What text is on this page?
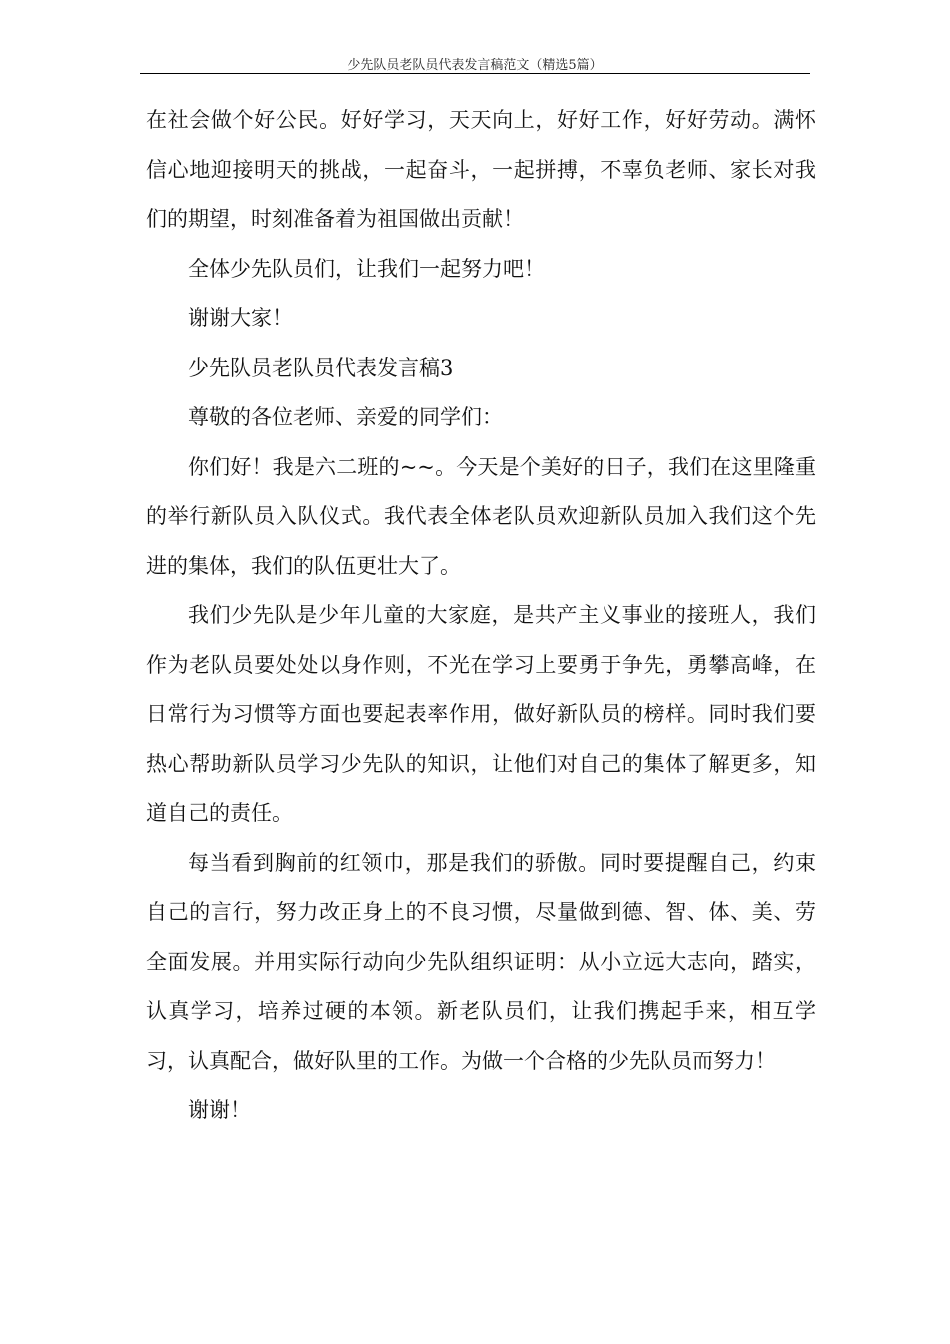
少先队员老队员代表发言稿范文（精选5篇）

在社会做个好公民。好好学习，天天向上，好好工作，好好劳动。满怀信心地迎接明天的挑战，一起奋斗，一起拼搏，不辜负老师、家长对我们的期望，时刻准备着为祖国做出贡献！

全体少先队员们，让我们一起努力吧！

谢谢大家！

少先队员老队员代表发言稿3

尊敬的各位老师、亲爱的同学们：

你们好！我是六二班的~~。今天是个美好的日子，我们在这里隆重的举行新队员入队仪式。我代表全体老队员欢迎新队员加入我们这个先进的集体，我们的队伍更壮大了。

我们少先队是少年儿童的大家庭，是共产主义事业的接班人，我们作为老队员要处处以身作则，不光在学习上要勇于争先，勇攀高峰，在日常行为习惯等方面也要起表率作用，做好新队员的榜样。同时我们要热心帮助新队员学习少先队的知识，让他们对自己的集体了解更多，知道自己的责任。

每当看到胸前的红领巾，那是我们的骄傲。同时要提醒自己，约束自己的言行，努力改正身上的不良习惯，尽量做到德、智、体、美、劳全面发展。并用实际行动向少先队组织证明：从小立远大志向，踏实，认真学习，培养过硬的本领。新老队员们，让我们携起手来，相互学习，认真配合，做好队里的工作。为做一个合格的少先队员而努力！

谢谢！
